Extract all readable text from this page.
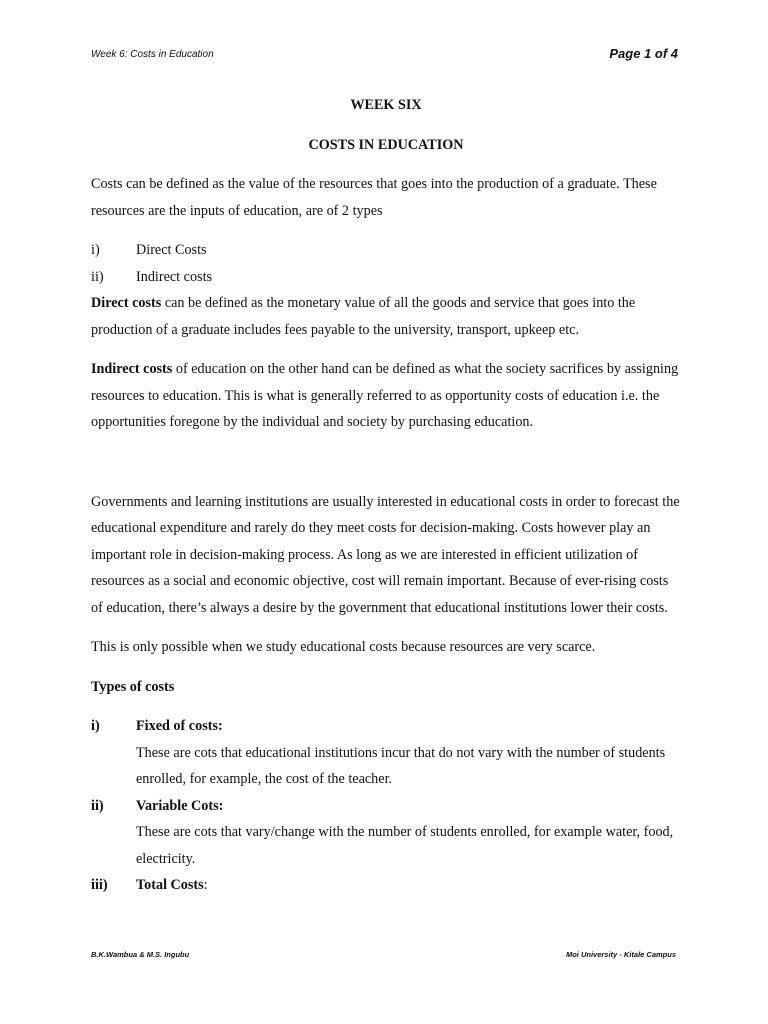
Week 6: Costs in Education	Page 1 of 4

WEEK SIX

COSTS IN EDUCATION

Costs can be defined as the value of the resources that goes into the production of a graduate. These resources are the inputs of education, are of 2 types

i)	Direct Costs
ii)	Indirect costs

Direct costs can be defined as the monetary value of all the goods and service that goes into the production of a graduate includes fees payable to the university, transport, upkeep etc.

Indirect costs of education on the other hand can be defined as what the society sacrifices by assigning resources to education. This is what is generally referred to as opportunity costs of education i.e. the opportunities foregone by the individual and society by purchasing education.

Governments and learning institutions are usually interested in educational costs in order to forecast the educational expenditure and rarely do they meet costs for decision-making. Costs however play an important role in decision-making process. As long as we are interested in efficient utilization of resources as a social and economic objective, cost will remain important. Because of ever-rising costs of education, there’s always a desire by the government that educational institutions lower their costs.

This is only possible when we study educational costs because resources are very scarce.

Types of costs

i)	Fixed of costs:
These are cots that educational institutions incur that do not vary with the number of students enrolled, for example, the cost of the teacher.
ii)	Variable Cots:
These are cots that vary/change with the number of students enrolled, for example water, food, electricity.
iii)	Total Costs:
B.K.Wambua & M.S. Ingubu	Moi University - Kitale Campus
